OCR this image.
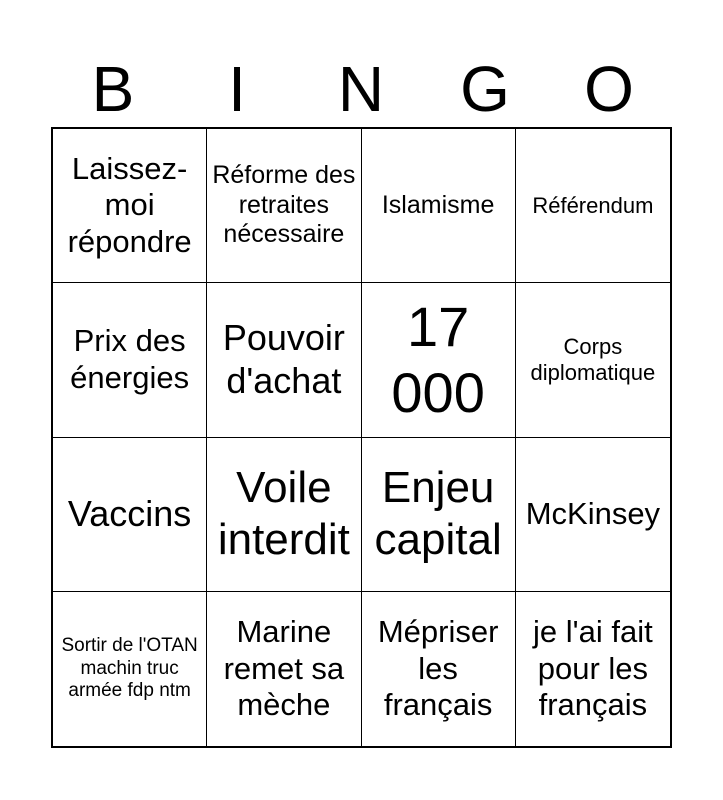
B	I	N	G	O
Laissez-moi répondre
Réforme des retraites nécessaire
Islamisme Référendum
Prix des énergies
Pouvoir d'achat
17 000
Corps diplomatique
Vaccins
Voile interdit
Enjeu capital
McKinsey
Sortir de l'OTAN machin truc armée fdp ntm
Marine remet sa mèche
Mépriser les français
je l'ai fait pour les français
